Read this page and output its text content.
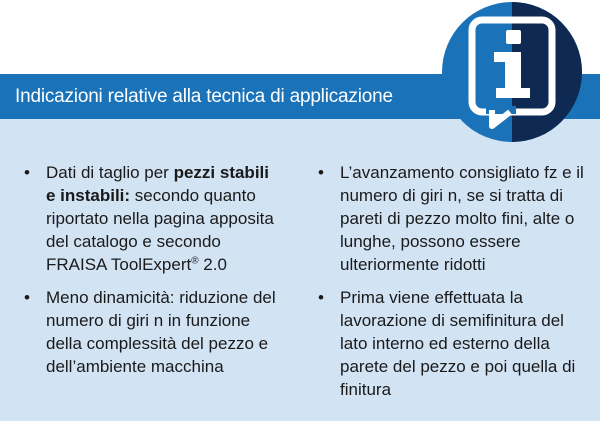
Indicazioni relative alla tecnica di applicazione
• Dati di taglio per pezzi stabili e instabili: secondo quanto riportato nella pagina apposita del catalogo e secondo FRAISA ToolExpert® 2.0
• Meno dinamicità: riduzione del numero di giri n in funzione della complessità del pezzo e dell’ambiente macchina
• L’avanzamento consigliato fz e il numero di giri n, se si tratta di pareti di pezzo molto fini, alte o lunghe, possono essere ulteriormente ridotti
• Prima viene effettuata la lavorazione di semifinitura del lato interno ed esterno della parete del pezzo e poi quella di finitura
